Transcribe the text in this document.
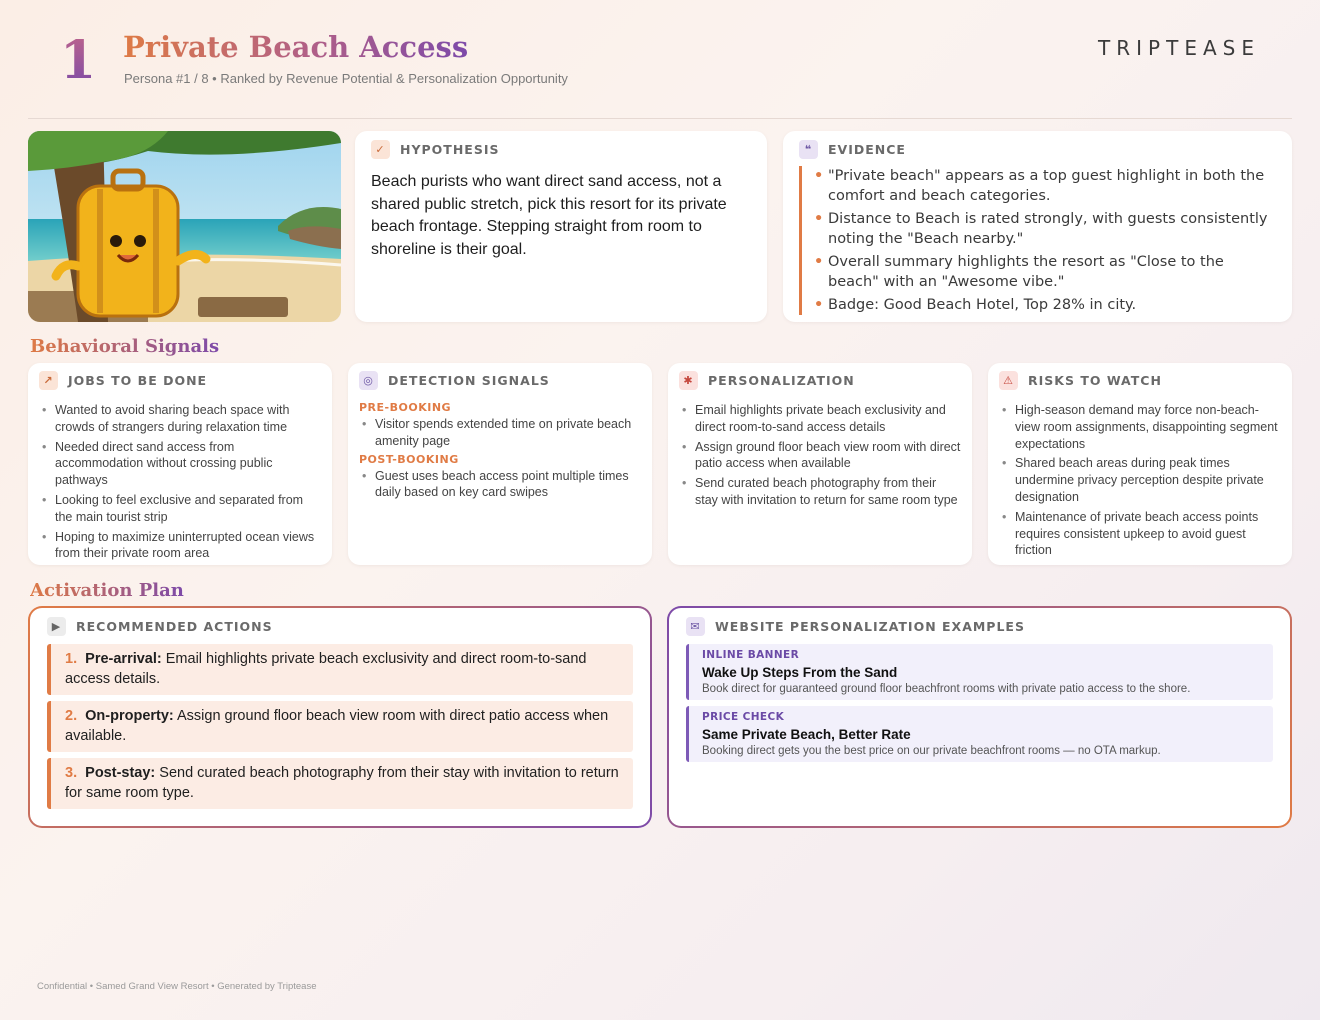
1 Private Beach Access
Persona #1 / 8 • Ranked by Revenue Potential & Personalization Opportunity
TRIPTEASE
✓	HYPOTHESIS
Beach purists who want direct sand access, not a shared public stretch, pick this resort for its private beach frontage. Stepping straight from room to shoreline is their goal.
❝	EVIDENCE
• "Private beach" appears as a top guest highlight in both the comfort and beach categories.
• Distance to Beach is rated strongly, with guests consistently noting the "Beach nearby."
• Overall summary highlights the resort as "Close to the beach" with an "Awesome vibe."
• Badge: Good Beach Hotel, Top 28% in city.
Behavioral Signals
↗	JOBS TO BE DONE
• Wanted to avoid sharing beach space with crowds of strangers during relaxation time
• Needed direct sand access from accommodation without crossing public pathways
• Looking to feel exclusive and separated from the main tourist strip
• Hoping to maximize uninterrupted ocean views from their private room area
◎	DETECTION SIGNALS
PRE-BOOKING
• Visitor spends extended time on private beach amenity page
POST-BOOKING
• Guest uses beach access point multiple times daily based on key card swipes
✱	PERSONALIZATION
• Email highlights private beach exclusivity and direct room-to-sand access details
• Assign ground floor beach view room with direct patio access when available
• Send curated beach photography from their stay with invitation to return for same room type
⚠	RISKS TO WATCH
• High-season demand may force non-beach-view room assignments, disappointing segment expectations
• Shared beach areas during peak times undermine privacy perception despite private designation
• Maintenance of private beach access points requires consistent upkeep to avoid guest friction
Activation Plan
▶	RECOMMENDED ACTIONS
1. Pre-arrival: Email highlights private beach exclusivity and direct room-to-sand access details.
2. On-property: Assign ground floor beach view room with direct patio access when available.
3. Post-stay: Send curated beach photography from their stay with invitation to return for same room type.
✉	WEBSITE PERSONALIZATION EXAMPLES
INLINE BANNER
Wake Up Steps From the Sand
Book direct for guaranteed ground floor beachfront rooms with private patio access to the shore.
PRICE CHECK
Same Private Beach, Better Rate
Booking direct gets you the best price on our private beachfront rooms — no OTA markup.
Confidential • Samed Grand View Resort • Generated by Triptease
